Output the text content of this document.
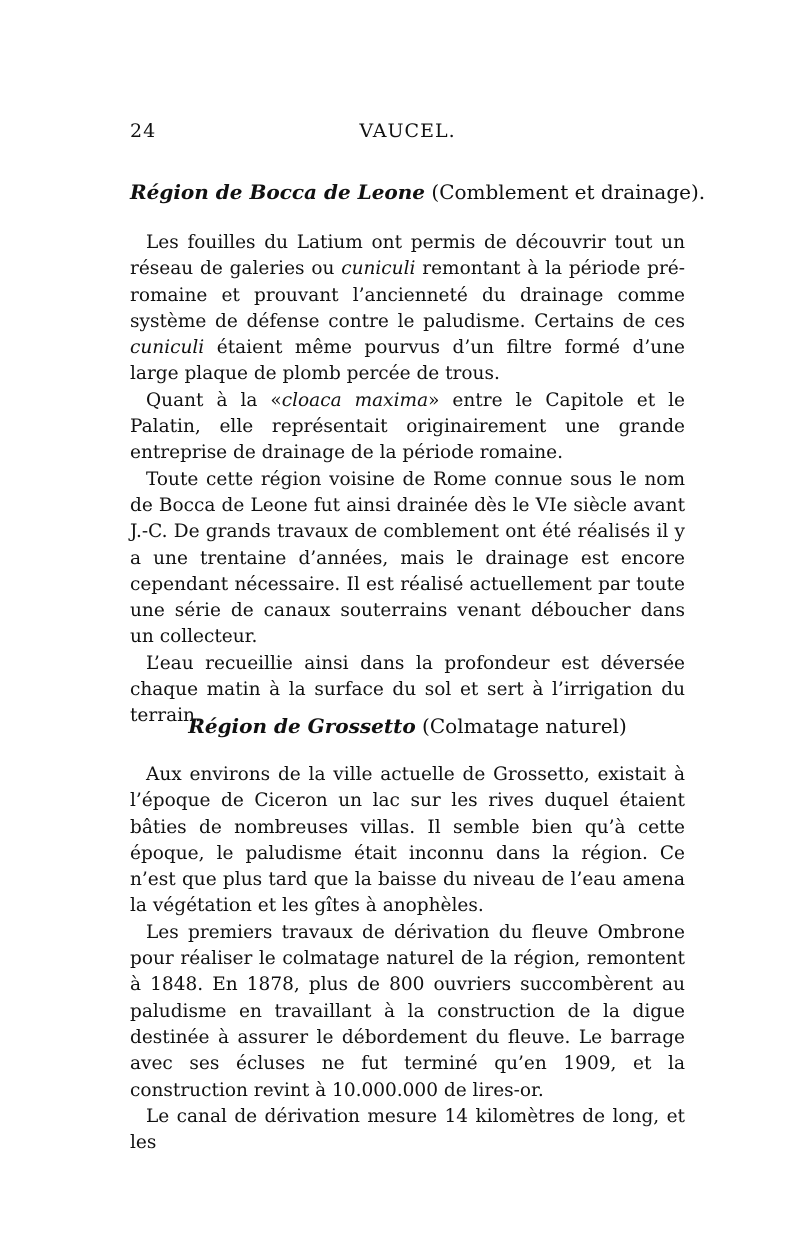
24	VAUCEL.
Région de Bocca de Leone (Comblement et drainage).

Les fouilles du Latium ont permis de découvrir tout un réseau de galeries ou cuniculi remontant à la période pré-romaine et prouvant l’ancienneté du drainage comme système de défense contre le paludisme. Certains de ces cuniculi étaient même pourvus d’un filtre formé d’une large plaque de plomb percée de trous.

Quant à la «cloaca maxima» entre le Capitole et le Palatin, elle représentait originairement une grande entreprise de drainage de la période romaine.

Toute cette région voisine de Rome connue sous le nom de Bocca de Leone fut ainsi drainée dès le VIe siècle avant J.-C. De grands travaux de comblement ont été réalisés il y a une trentaine d’années, mais le drainage est encore cependant nécessaire. Il est réalisé actuellement par toute une série de canaux souterrains venant déboucher dans un collecteur.

L’eau recueillie ainsi dans la profondeur est déversée chaque matin à la surface du sol et sert à l’irrigation du terrain.

Région de Grossetto (Colmatage naturel)

Aux environs de la ville actuelle de Grossetto, existait à l’époque de Ciceron un lac sur les rives duquel étaient bâties de nombreuses villas. Il semble bien qu’à cette époque, le paludisme était inconnu dans la région. Ce n’est que plus tard que la baisse du niveau de l’eau amena la végétation et les gîtes à anophèles.

Les premiers travaux de dérivation du fleuve Ombrone pour réaliser le colmatage naturel de la région, remontent à 1848. En 1878, plus de 800 ouvriers succombèrent au paludisme en travaillant à la construction de la digue destinée à assurer le débordement du fleuve. Le barrage avec ses écluses ne fut terminé qu’en 1909, et la construction revint à 10.000.000 de lires-or.

Le canal de dérivation mesure 14 kilomètres de long, et les
